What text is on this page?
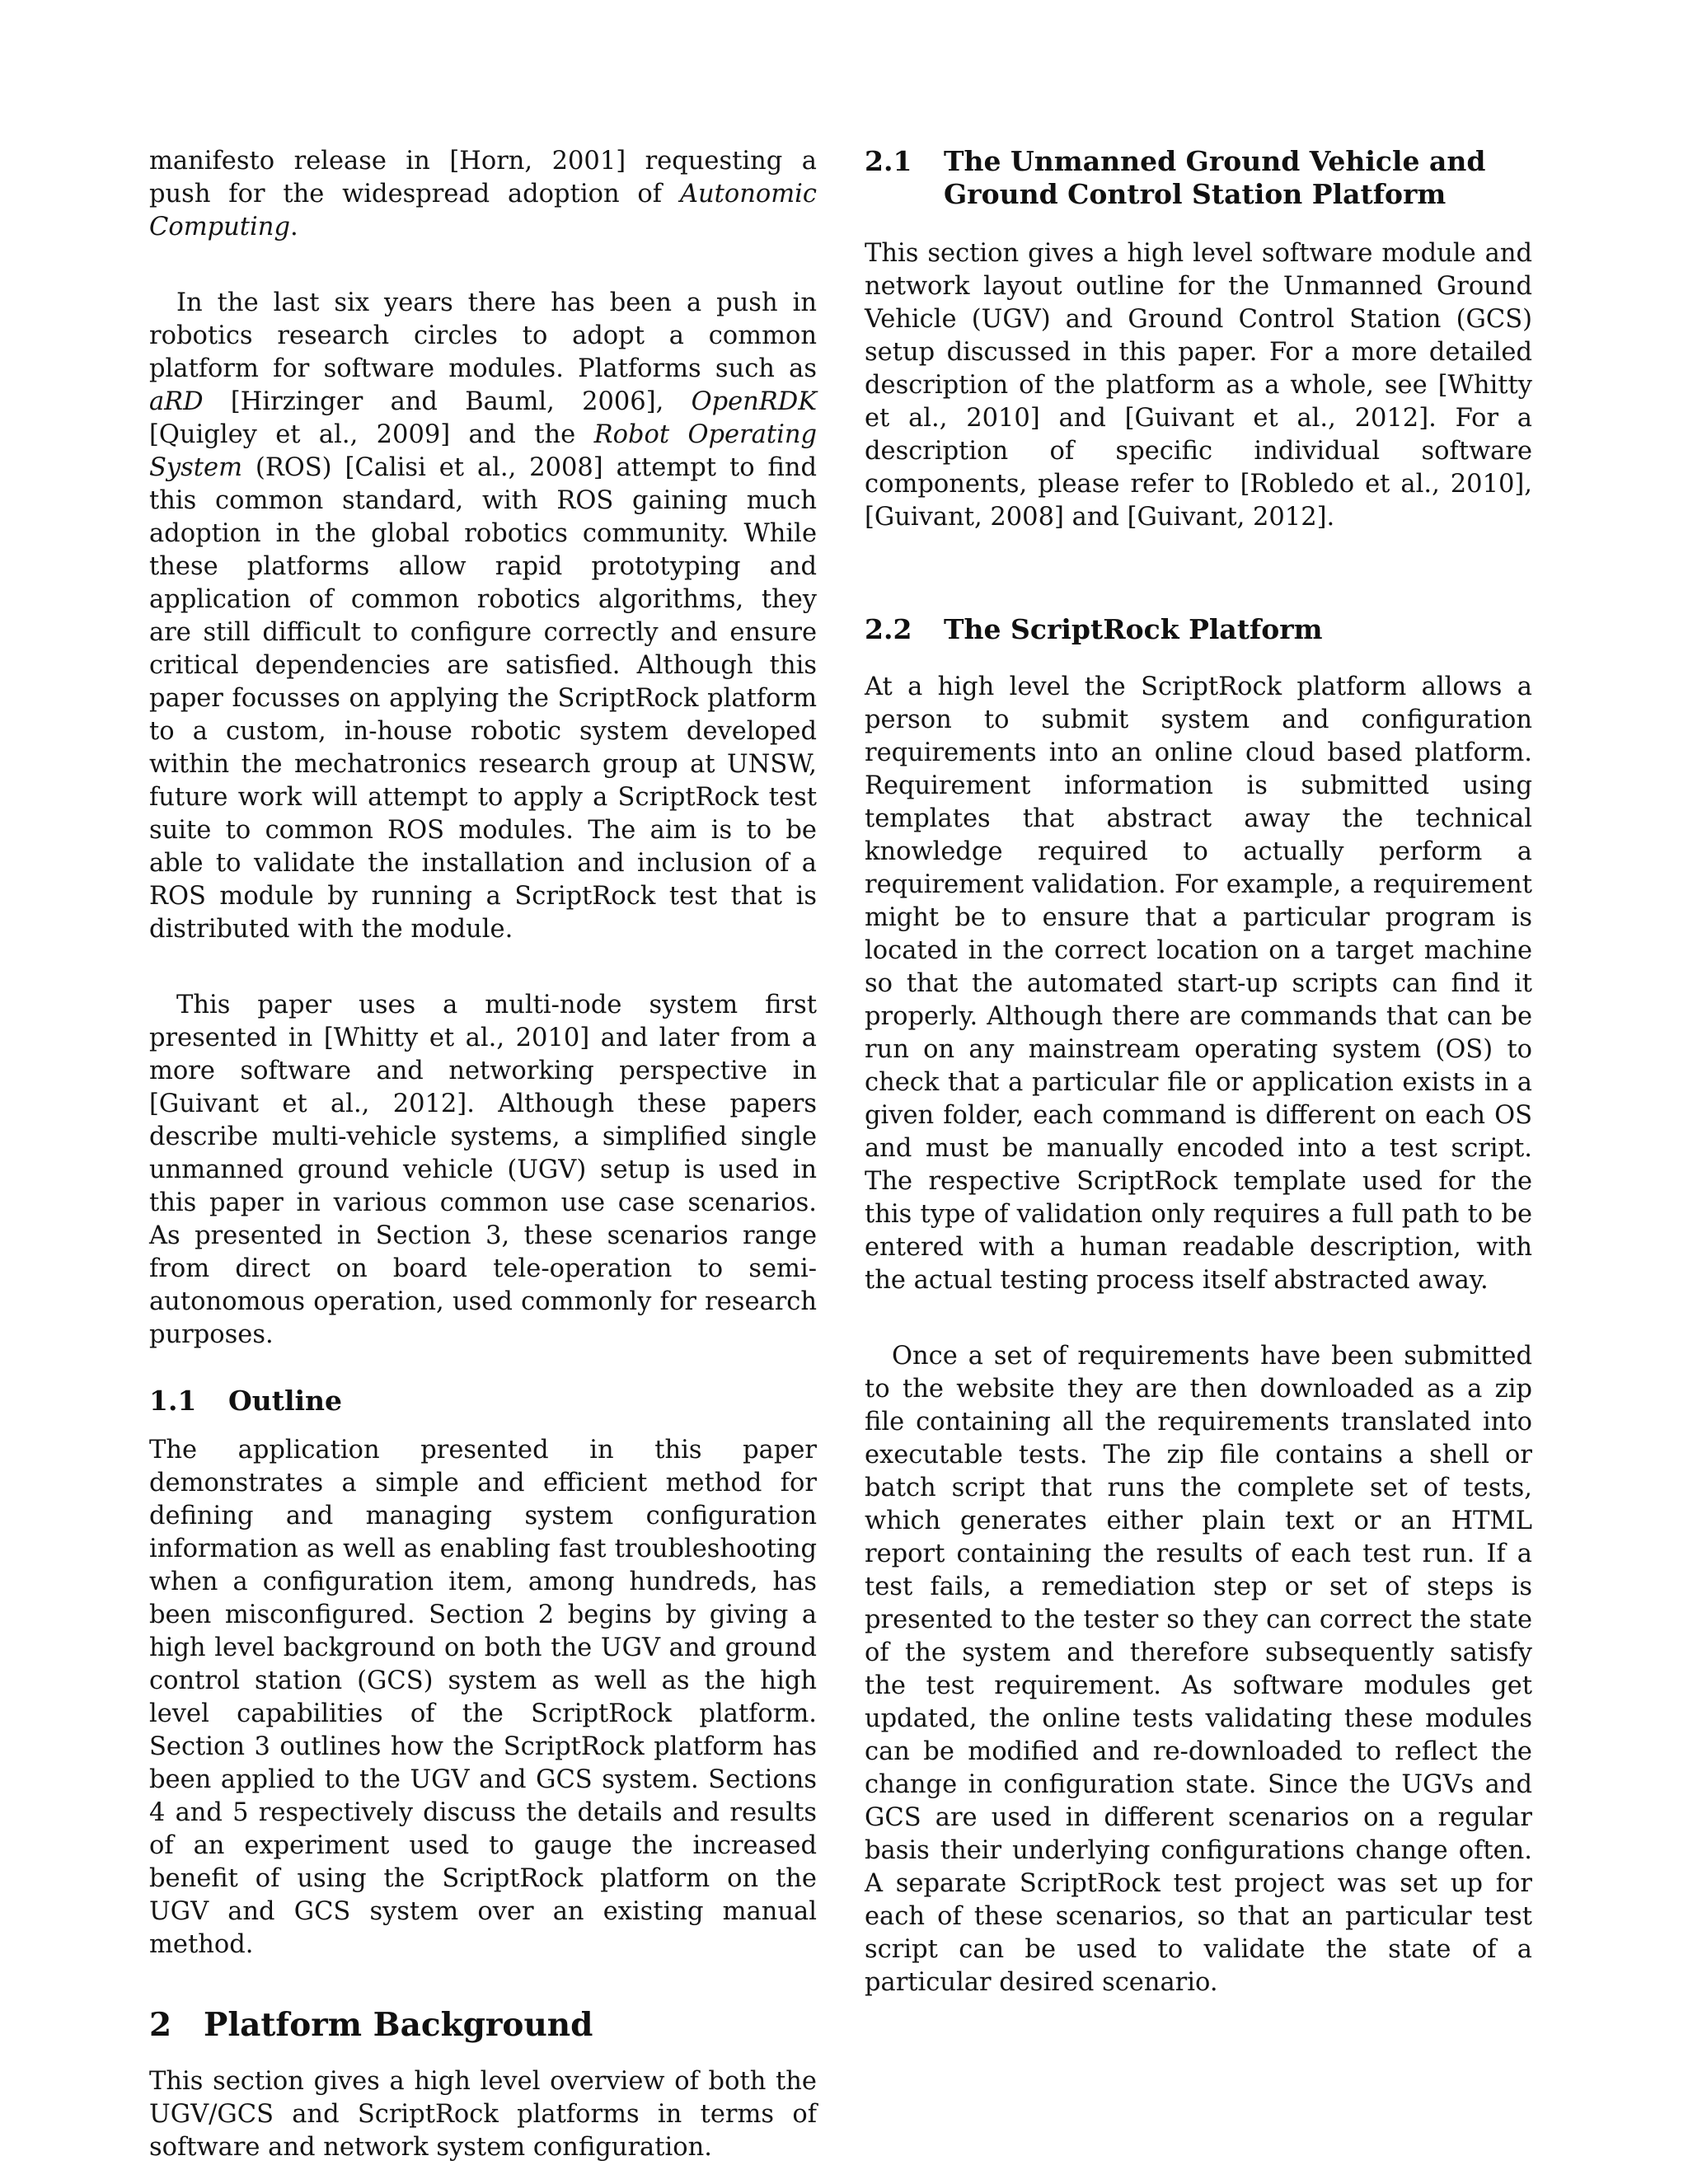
manifesto release in [Horn, 2001] requesting a push for the widespread adoption of Autonomic Computing.

In the last six years there has been a push in robotics research circles to adopt a common platform for software modules. Platforms such as aRD [Hirzinger and Bauml, 2006], OpenRDK [Quigley et al., 2009] and the Robot Operating System (ROS) [Calisi et al., 2008] attempt to find this common standard, with ROS gaining much adoption in the global robotics community. While these platforms allow rapid prototyping and application of common robotics algorithms, they are still difficult to configure correctly and ensure critical dependencies are satisfied. Although this paper focusses on applying the ScriptRock platform to a custom, in-house robotic system developed within the mechatronics research group at UNSW, future work will attempt to apply a ScriptRock test suite to common ROS modules. The aim is to be able to validate the installation and inclusion of a ROS module by running a ScriptRock test that is distributed with the module.

This paper uses a multi-node system first presented in [Whitty et al., 2010] and later from a more software and networking perspective in [Guivant et al., 2012]. Although these papers describe multi-vehicle systems, a simplified single unmanned ground vehicle (UGV) setup is used in this paper in various common use case scenarios. As presented in Section 3, these scenarios range from direct on board tele-operation to semi-autonomous operation, used commonly for research purposes.

1.1	Outline

The application presented in this paper demonstrates a simple and efficient method for defining and managing system configuration information as well as enabling fast troubleshooting when a configuration item, among hundreds, has been misconfigured. Section 2 begins by giving a high level background on both the UGV and ground control station (GCS) system as well as the high level capabilities of the ScriptRock platform. Section 3 outlines how the ScriptRock platform has been applied to the UGV and GCS system. Sections 4 and 5 respectively discuss the details and results of an experiment used to gauge the increased benefit of using the ScriptRock platform on the UGV and GCS system over an existing manual method.

2 Platform Background

This section gives a high level overview of both the UGV/GCS and ScriptRock platforms in terms of software and network system configuration.

2.1	The Unmanned Ground Vehicle and Ground Control Station Platform

This section gives a high level software module and network layout outline for the Unmanned Ground Vehicle (UGV) and Ground Control Station (GCS) setup discussed in this paper. For a more detailed description of the platform as a whole, see [Whitty et al., 2010] and [Guivant et al., 2012]. For a description of specific individual software components, please refer to [Robledo et al., 2010], [Guivant, 2008] and [Guivant, 2012].

2.2	The ScriptRock Platform

At a high level the ScriptRock platform allows a person to submit system and configuration requirements into an online cloud based platform. Requirement information is submitted using templates that abstract away the technical knowledge required to actually perform a requirement validation. For example, a requirement might be to ensure that a particular program is located in the correct location on a target machine so that the automated start-up scripts can find it properly. Although there are commands that can be run on any mainstream operating system (OS) to check that a particular file or application exists in a given folder, each command is different on each OS and must be manually encoded into a test script. The respective ScriptRock template used for the this type of validation only requires a full path to be entered with a human readable description, with the actual testing process itself abstracted away.

Once a set of requirements have been submitted to the website they are then downloaded as a zip file containing all the requirements translated into executable tests. The zip file contains a shell or batch script that runs the complete set of tests, which generates either plain text or an HTML report containing the results of each test run. If a test fails, a remediation step or set of steps is presented to the tester so they can correct the state of the system and therefore subsequently satisfy the test requirement. As software modules get updated, the online tests validating these modules can be modified and re-downloaded to reflect the change in configuration state. Since the UGVs and GCS are used in different scenarios on a regular basis their underlying configurations change often. A separate ScriptRock test project was set up for each of these scenarios, so that an particular test script can be used to validate the state of a particular desired scenario.
